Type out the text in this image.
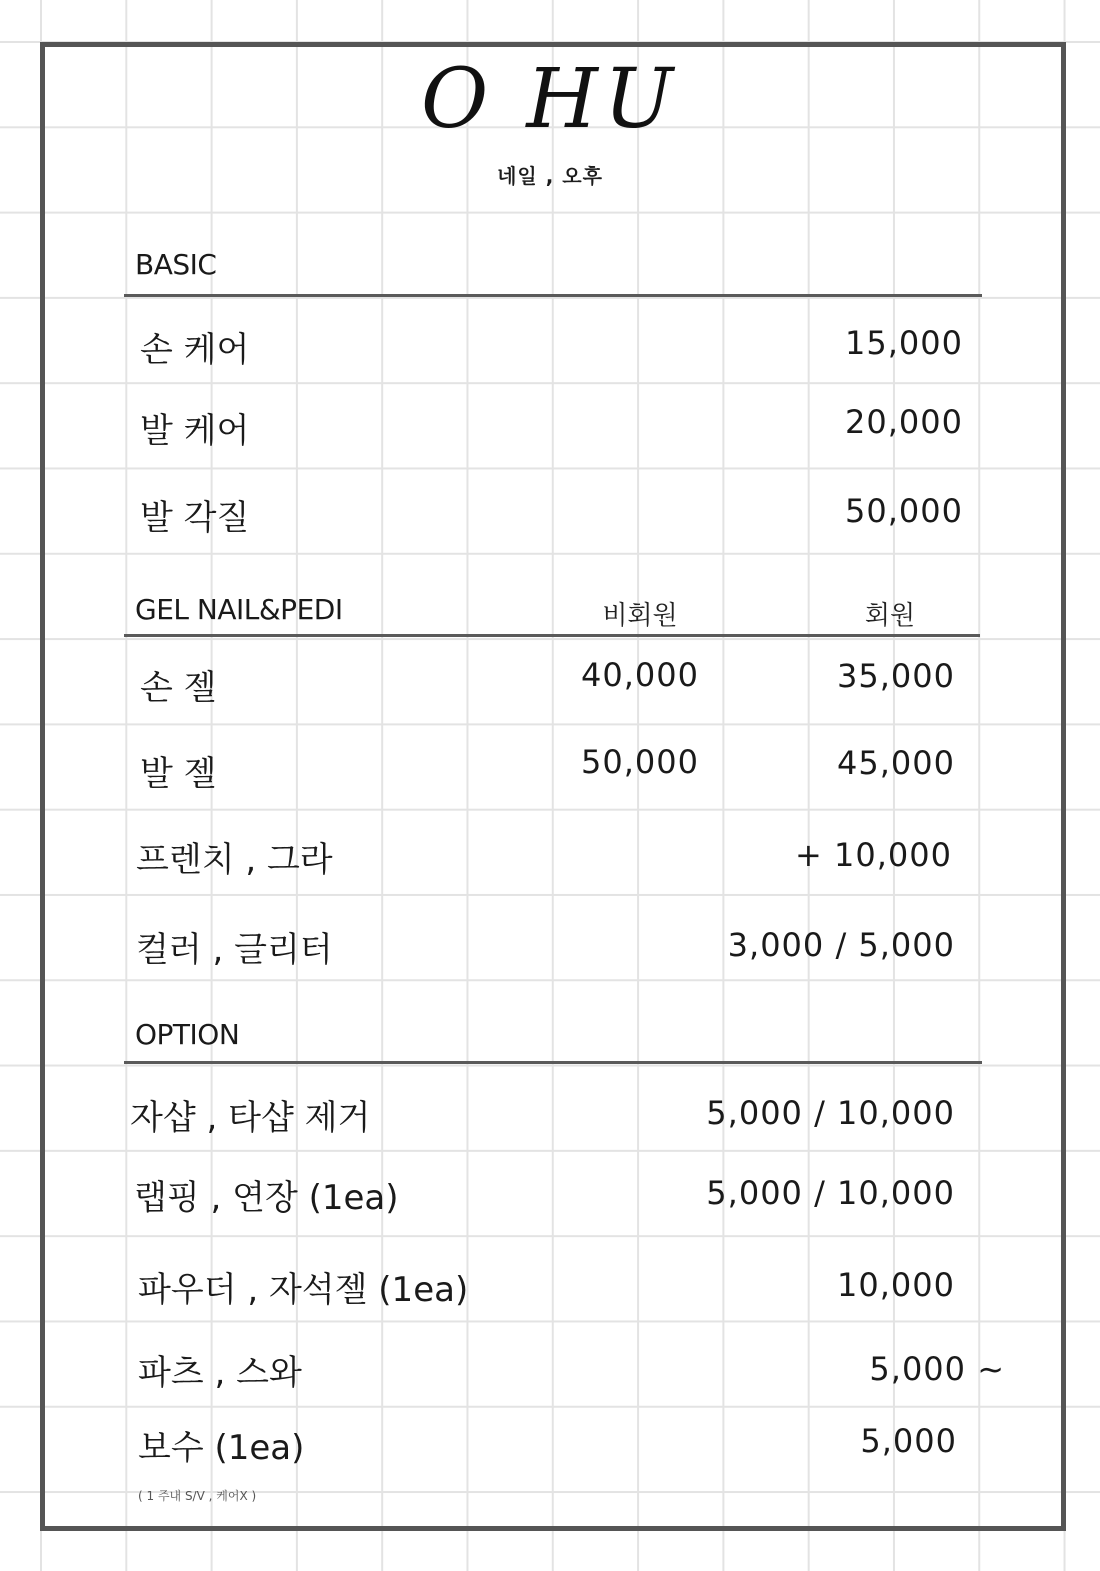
O HU
네일 , 오후
BASIC
손 케어	15,000
발 케어	20,000
발 각질	50,000
GEL NAIL&PEDI	비회원	회원
손 젤	40,000	35,000
발 젤	50,000	45,000
프렌치 , 그라	+ 10,000
컬러 , 글리터	3,000 / 5,000
OPTION
자샵 , 타샵 제거	5,000 / 10,000
랩핑 , 연장 (1ea)	5,000 / 10,000
파우더 , 자석젤 (1ea)	10,000
파츠 , 스와	5,000 ~
보수 (1ea)	5,000
( 1 주내 S/V , 케어X )
